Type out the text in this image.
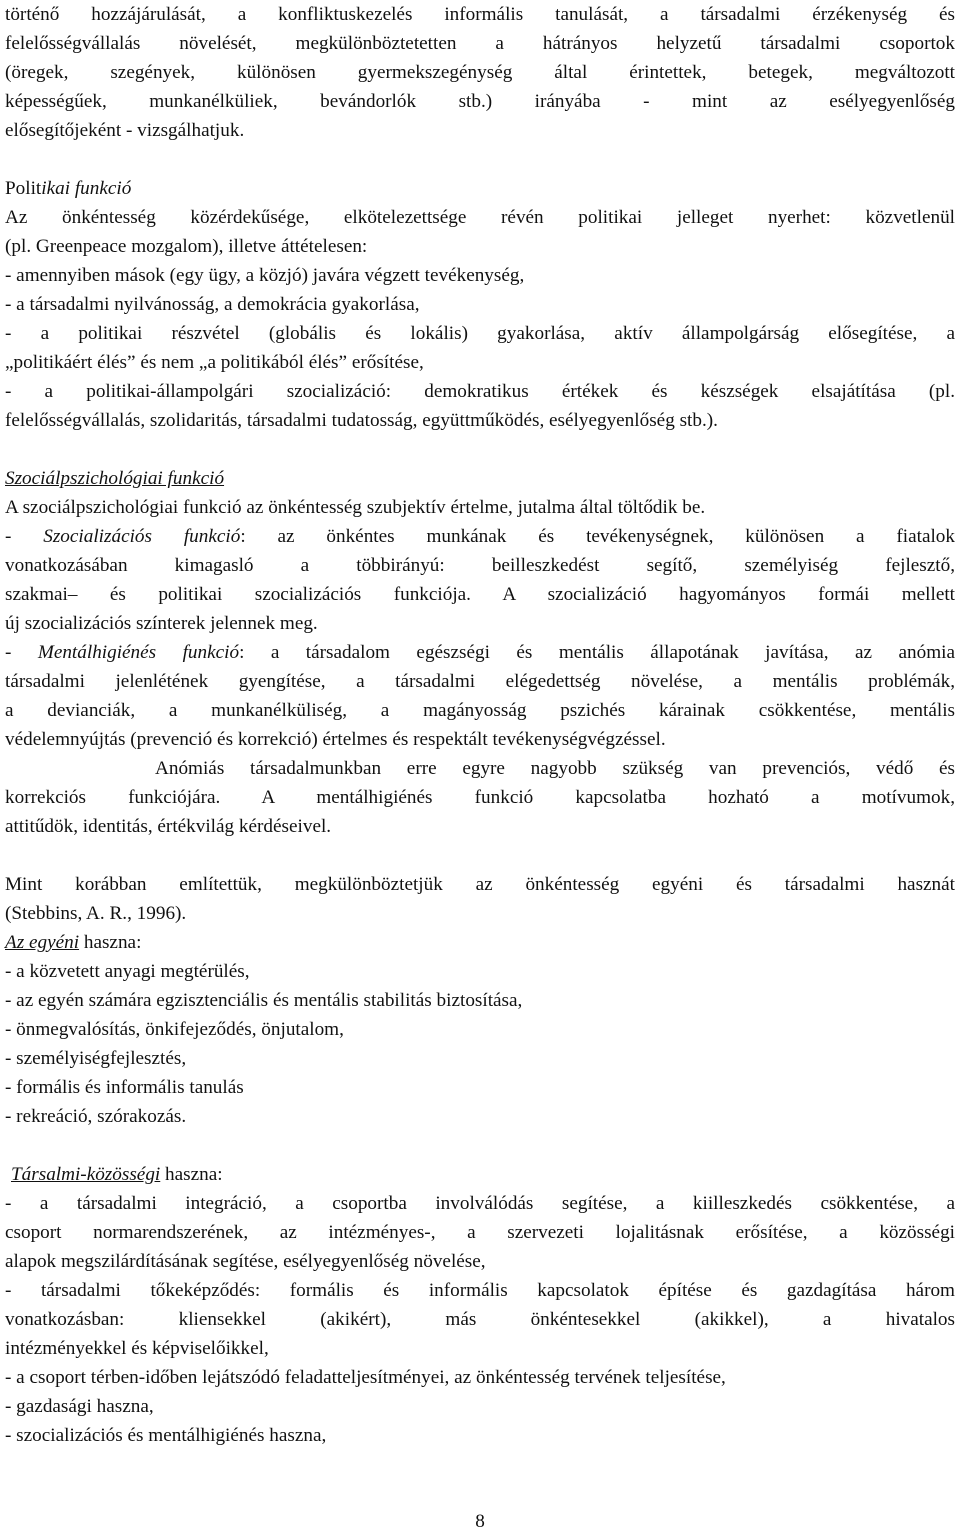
történő hozzájárulását, a konfliktuskezelés informális tanulását, a társadalmi érzékenység és
felelősségvállalás növelését, megkülönböztetetten a hátrányos helyzetű társadalmi csoportok
(öregek, szegények, különösen gyermekszegénység által érintettek, betegek, megváltozott
képességűek, munkanélküliek, bevándorlók stb.) irányába - mint az esélyegyenlőség
elősegítőjeként - vizsgálhatjuk.
Politikai funkció
Az önkéntesség közérdekűsége, elkötelezettsége révén politikai jelleget nyerhet: közvetlenül
(pl. Greenpeace mozgalom), illetve áttételesen:
- amennyiben mások (egy ügy, a közjó) javára végzett tevékenység,
- a társadalmi nyilvánosság, a demokrácia gyakorlása,
- a politikai részvétel (globális és lokális) gyakorlása, aktív állampolgárság elősegítése, a
„politikáért élés” és nem „a politikából élés” erősítése,
- a politikai-állampolgári szocializáció: demokratikus értékek és készségek elsajátítása (pl.
felelősségvállalás, szolidaritás, társadalmi tudatosság, együttműködés, esélyegyenlőség stb.).
Szociálpszichológiai funkció
A szociálpszichológiai funkció az önkéntesség szubjektív értelme, jutalma által töltődik be.
- Szocializációs funkció: az önkéntes munkának és tevékenységnek, különösen a fiatalok
vonatkozásában kimagasló a többirányú: beilleszkedést segítő, személyiség fejlesztő,
szakmai– és politikai szocializációs funkciója. A szocializáció hagyományos formái mellett
új szocializációs színterek jelennek meg.
- Mentálhigiénés funkció: a társadalom egészségi és mentális állapotának javítása, az anómia
társadalmi jelenlétének gyengítése, a társadalmi elégedettség növelése, a mentális problémák,
a devianciák, a munkanélküliség, a magányosság pszichés kárainak csökkentése, mentális
védelemnyújtás (prevenció és korrekció) értelmes és respektált tevékenységvégzéssel.
Anómiás társadalmunkban erre egyre nagyobb szükség van prevenciós, védő és
korrekciós funkciójára. A mentálhigiénés funkció kapcsolatba hozható a motívumok,
attitűdök, identitás, értékvilág kérdéseivel.
Mint korábban említettük, megkülönböztetjük az önkéntesség egyéni és társadalmi hasznát
(Stebbins, A. R., 1996).
Az egyéni haszna:
- a közvetett anyagi megtérülés,
- az egyén számára egzisztenciális és mentális stabilitás biztosítása,
- önmegvalósítás, önkifejeződés, önjutalom,
- személyiségfejlesztés,
- formális és informális tanulás
- rekreáció, szórakozás.
Társalmi-közösségi haszna:
- a társadalmi integráció, a csoportba involválódás segítése, a kiilleszkedés csökkentése, a
csoport normarendszerének, az intézményes-, a szervezeti lojalitásnak erősítése, a közösségi
alapok megszilárdításának segítése, esélyegyenlőség növelése,
- társadalmi tőkeképződés: formális és informális kapcsolatok építése és gazdagítása három
vonatkozásban: kliensekkel (akikért), más önkéntesekkel (akikkel), a hivatalos
intézményekkel és képviselőikkel,
- a csoport térben-időben lejátszódó feladatteljesítményei, az önkéntesség tervének teljesítése,
- gazdasági haszna,
- szocializációs és mentálhigiénés haszna,
8
